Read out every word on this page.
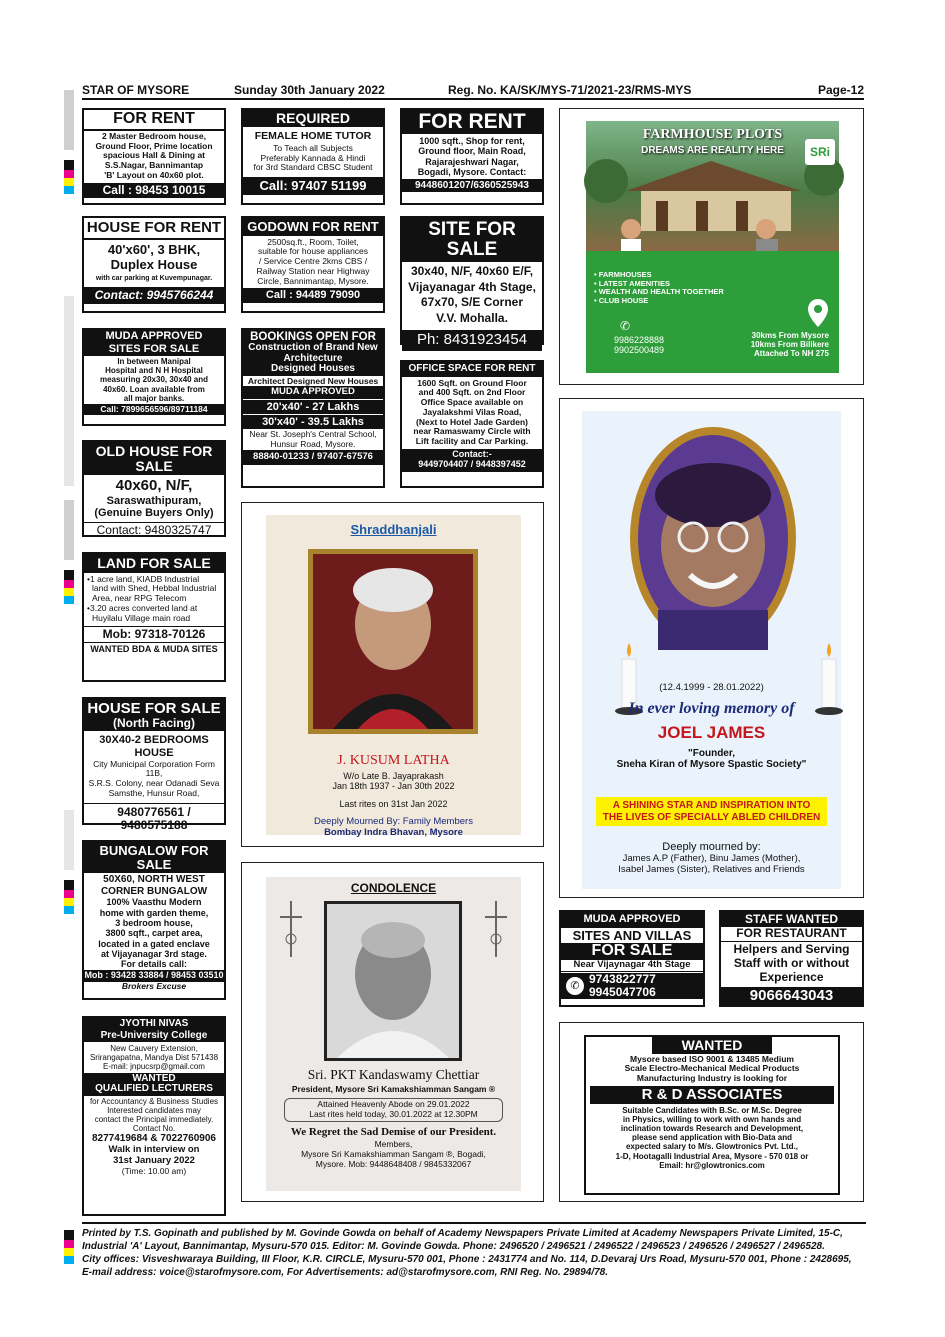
STAR OF MYSORE	Sunday 30th January 2022	Reg. No. KA/SK/MYS-71/2021-23/RMS-MYS	Page-12
FOR RENT
2 Master Bedroom house,
Ground Floor, Prime location
spacious Hall & Dining at
S.S.Nagar, Bannimantap
'B' Layout on 40x60 plot.
Call : 98453 10015
HOUSE FOR RENT
40'x60', 3 BHK,
Duplex House
with car parking at Kuvempunagar.
Contact: 9945766244
MUDA APPROVED
SITES FOR SALE
In between Manipal
Hospital and N H Hospital
measuring 20x30, 30x40 and
40x60. Loan available from
all major banks.
Call: 7899656596/89711184
OLD HOUSE FOR SALE
40x60, N/F,
Saraswathipuram,
(Genuine Buyers Only)
Contact: 9480325747
LAND FOR SALE
•1 acre land, KIADB Industrial
land with Shed, Hebbal Industrial
Area, near RPG Telecom
•3.20 acres converted land at
Huyilalu Village main road
Mob: 97318-70126
WANTED BDA & MUDA SITES
HOUSE FOR SALE
(North Facing)
30X40-2 BEDROOMS HOUSE
City Municipal Corporation Form 11B,
S.R.S. Colony, near Odanadi Seva
Samsthe, Hunsur Road,
9480776561 / 9480575188
BUNGALOW FOR SALE
50X60, NORTH WEST
CORNER BUNGALOW
100% Vaasthu Modern
home with garden theme,
3 bedroom house,
3800 sqft., carpet area,
located in a gated enclave
at Vijayanagar 3rd stage.
For details call:
Mob : 93428 33884 / 98453 03510
Brokers Excuse
JYOTHI NIVAS
Pre-University College
New Cauvery Extension,
Srirangapatna, Mandya Dist 571438
E-mail: jnpucsrp@gmail.com
WANTED
QUALIFIED LECTURERS
for Accountancy & Business Studies
Interested candidates may
contact the Principal immediately.
Contact No.
8277419684 & 7022760906
Walk in interview on
31st January 2022
(Time: 10.00 am)
REQUIRED
FEMALE HOME TUTOR
To Teach all Subjects
Preferably Kannada & Hindi
for 3rd Standard CBSC Student
Call: 97407 51199
GODOWN FOR RENT
2500sq.ft., Room, Toilet,
suitable for house appliances
/ Service Centre 2kms CBS /
Railway Station near Highway
Circle, Bannimantap, Mysore.
Call : 94489 79090
BOOKINGS OPEN FOR
Construction of Brand New
Architecture
Designed Houses
Architect Designed New Houses
MUDA APPROVED
20'x40' - 27 Lakhs
30'x40' - 39.5 Lakhs
Near St. Joseph's Central School,
Hunsur Road, Mysore.
88840-01233 / 97407-67576
FOR RENT
1000 sqft., Shop for rent,
Ground floor, Main Road,
Rajarajeshwari Nagar,
Bogadi, Mysore. Contact:
9448601207/6360525943
SITE FOR SALE
30x40, N/F, 40x60 E/F,
Vijayanagar 4th Stage,
67x70, S/E Corner
V.V. Mohalla.
Ph: 8431923454
OFFICE SPACE FOR RENT
1600 Sqft. on Ground Floor
and 400 Sqft. on 2nd Floor
Office Space available on
Jayalakshmi Vilas Road,
(Next to Hotel Jade Garden)
near Ramaswamy Circle with
Lift facility and Car Parking.
Contact:-
9449704407 / 9448397452
FARMHOUSE PLOTS
DREAMS ARE REALITY HERE	SRi
• FARMHOUSES
• LATEST AMENITIES
• WEALTH AND HEALTH TOGETHER
• CLUB HOUSE
9986228888
9902500489
✆
30kms From Mysore
10kms From Bilikere
Attached To NH 275
Shraddhanjali
J. KUSUM LATHA
W/o Late B. Jayaprakash
Jan 18th 1937 - Jan 30th 2022
Last rites on 31st Jan 2022
Deeply Mourned By: Family Members
Bombay Indra Bhavan, Mysore
(12.4.1999 - 28.01.2022)
In ever loving memory of
JOEL JAMES
"Founder,
Sneha Kiran of Mysore Spastic Society"
A SHINING STAR AND INSPIRATION INTO
THE LIVES OF SPECIALLY ABLED CHILDREN
Deeply mourned by:
James A.P (Father), Binu James (Mother),
Isabel James (Sister), Relatives and Friends
CONDOLENCE
Sri. PKT Kandaswamy Chettiar
President, Mysore Sri Kamakshiamman Sangam ®
Attained Heavenly Abode on 29.01.2022
Last rites held today, 30.01.2022 at 12.30PM
We Regret the Sad Demise of our President.
Members,
Mysore Sri Kamakshiamman Sangam ®, Bogadi,
Mysore. Mob: 9448648408 / 9845332067
MUDA APPROVED
SITES AND VILLAS
FOR SALE
Near Vijaynagar 4th Stage
✆ 9743822777
9945047706
STAFF WANTED
FOR RESTAURANT
Helpers and Serving
Staff with or without
Experience
9066643043
WANTED
Mysore based ISO 9001 & 13485 Medium
Scale Electro-Mechanical Medical Products
Manufacturing Industry is looking for
R & D ASSOCIATES
Suitable Candidates with B.Sc. or M.Sc. Degree
in Physics, willing to work with own hands and
inclination towards Research and Development,
please send application with Bio-Data and
expected salary to M/s. Glowtronics Pvt. Ltd.,
1-D, Hootagalli Industrial Area, Mysore - 570 018 or
Email: hr@glowtronics.com
Printed by T.S. Gopinath and published by M. Govinde Gowda on behalf of Academy Newspapers Private Limited at Academy Newspapers Private Limited, 15-C,
Industrial 'A' Layout, Bannimantap, Mysuru-570 015. Editor: M. Govinde Gowda. Phone: 2496520 / 2496521 / 2496522 / 2496523 / 2496526 / 2496527 / 2496528.
City offices: Visveshwaraya Building, III Floor, K.R. CIRCLE, Mysuru-570 001, Phone : 2431774 and No. 114, D.Devaraj Urs Road, Mysuru-570 001, Phone : 2428695,
E-mail address: voice@starofmysore.com, For Advertisements: ad@starofmysore.com, RNI Reg. No. 29894/78.
